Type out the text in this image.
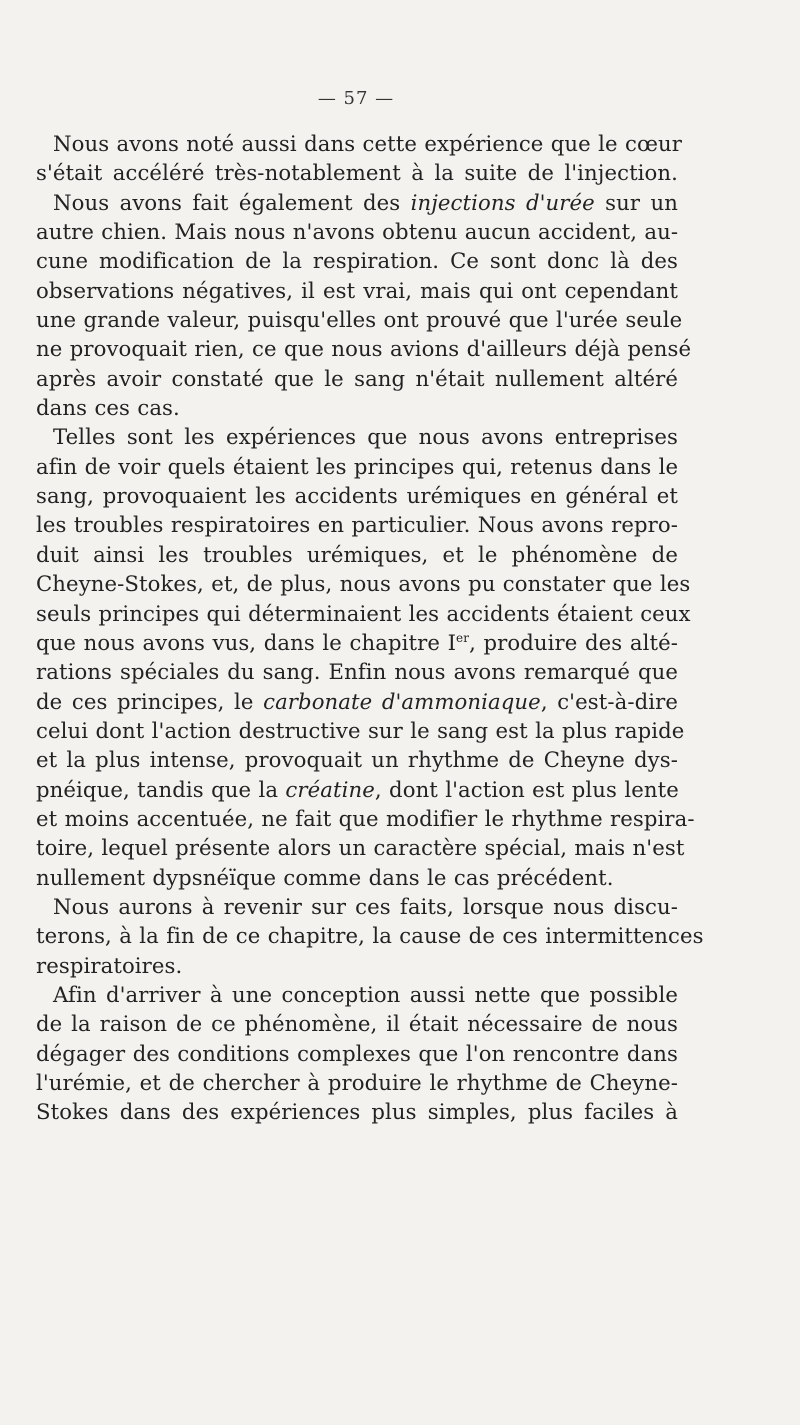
— 57 —
Nous avons noté aussi dans cette expérience que le cœur
s'était accéléré très-notablement à la suite de l'injection.
Nous avons fait également des injections d'urée sur un
autre chien. Mais nous n'avons obtenu aucun accident, au-
cune modification de la respiration. Ce sont donc là des
observations négatives, il est vrai, mais qui ont cependant
une grande valeur, puisqu'elles ont prouvé que l'urée seule
ne provoquait rien, ce que nous avions d'ailleurs déjà pensé
après avoir constaté que le sang n'était nullement altéré
dans ces cas.
Telles sont les expériences que nous avons entreprises
afin de voir quels étaient les principes qui, retenus dans le
sang, provoquaient les accidents urémiques en général et
les troubles respiratoires en particulier. Nous avons repro-
duit ainsi les troubles urémiques, et le phénomène de
Cheyne-Stokes, et, de plus, nous avons pu constater que les
seuls principes qui déterminaient les accidents étaient ceux
que nous avons vus, dans le chapitre Ier, produire des alté-
rations spéciales du sang. Enfin nous avons remarqué que
de ces principes, le carbonate d'ammoniaque, c'est-à-dire
celui dont l'action destructive sur le sang est la plus rapide
et la plus intense, provoquait un rhythme de Cheyne dys-
pnéique, tandis que la créatine, dont l'action est plus lente
et moins accentuée, ne fait que modifier le rhythme respira-
toire, lequel présente alors un caractère spécial, mais n'est
nullement dypsnéïque comme dans le cas précédent.
Nous aurons à revenir sur ces faits, lorsque nous discu-
terons, à la fin de ce chapitre, la cause de ces intermittences
respiratoires.
Afin d'arriver à une conception aussi nette que possible
de la raison de ce phénomène, il était nécessaire de nous
dégager des conditions complexes que l'on rencontre dans
l'urémie, et de chercher à produire le rhythme de Cheyne-
Stokes dans des expériences plus simples, plus faciles à
